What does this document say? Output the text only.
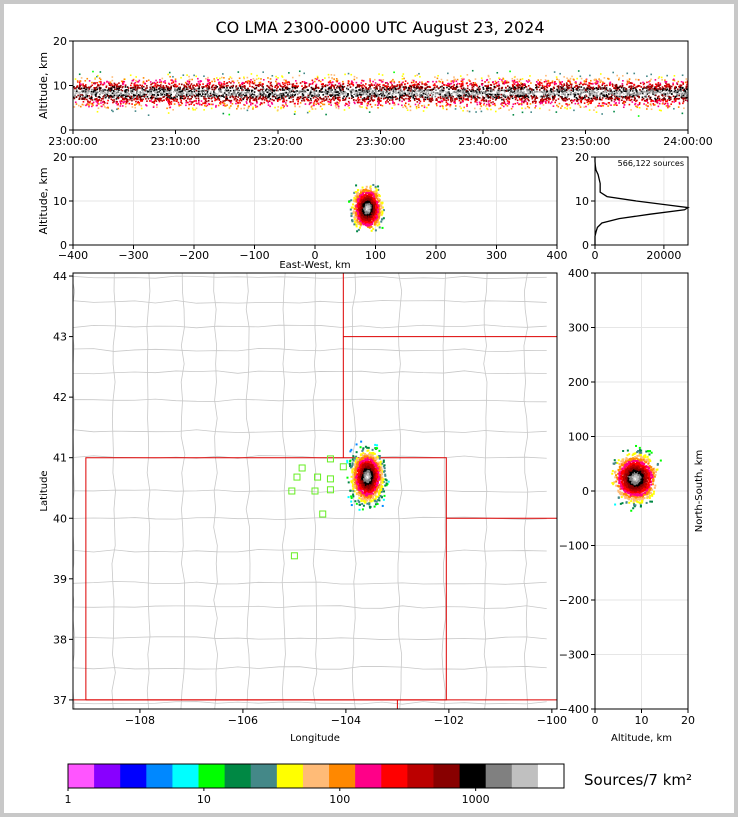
CO LMA 2300-0000 UTC August 23, 2024
23:00:00	23:10:00	23:20:00	23:30:00	23:40:00	23:50:00	24:00:00
0
10
20
Altitude, km
−400	−300	−200	−100	0	100	200	300	400
0
10
20
East-West, km
Altitude, km
566,122 sources
0	20000
0
10
20
−108	−106	−104	−102	−100
37
38
39
40
41
42
43
44
Longitude
Latitude
0	10	20
−400
−300
−200
−100
0
100
200
300
400
Altitude, km
North-South, km
1	10	100	1000
Sources/7 km²
